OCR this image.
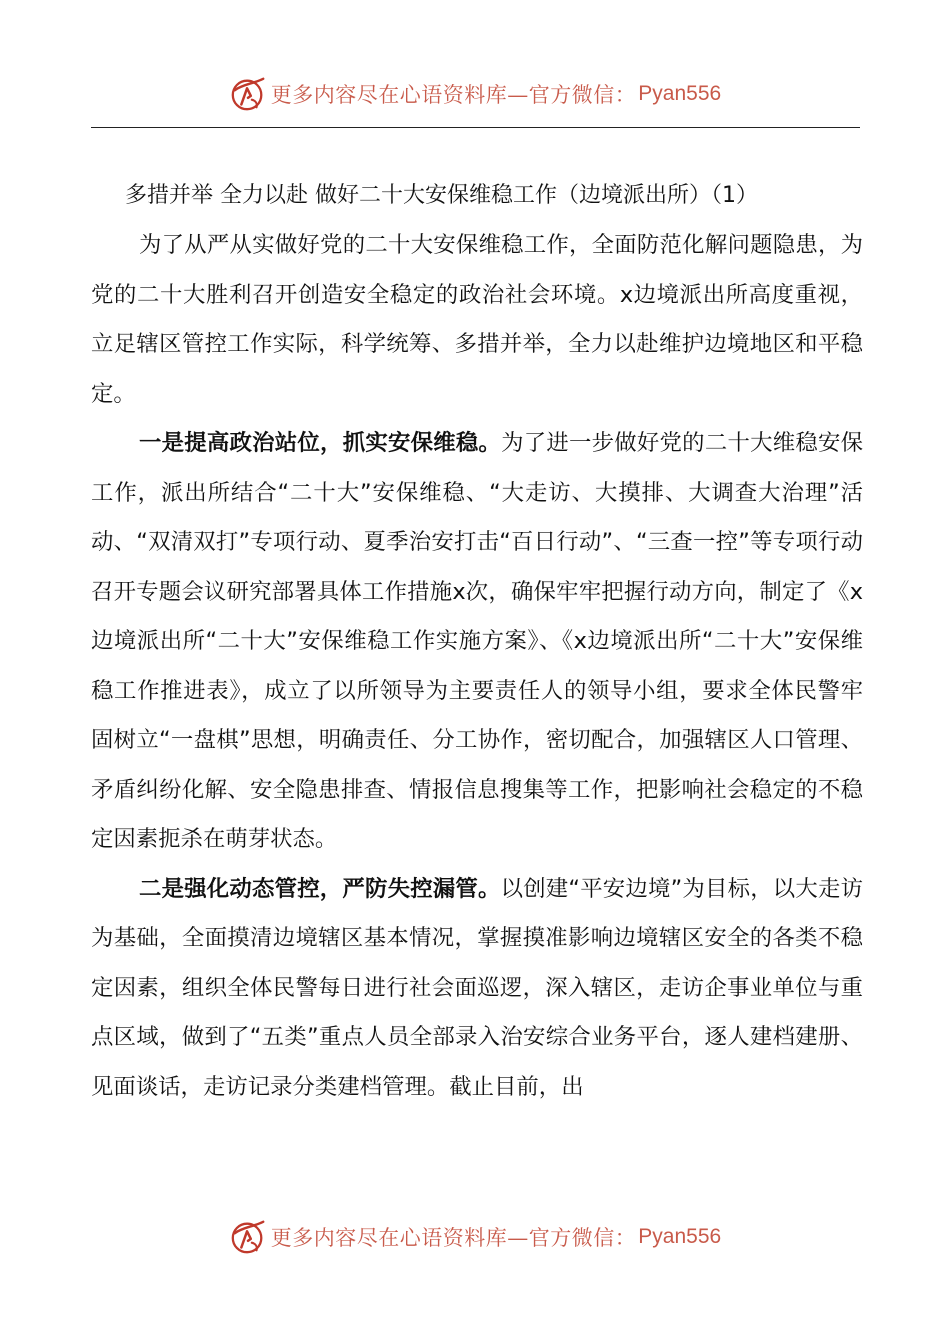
更多内容尽在心语资料库—官方微信： Pyan556
多措并举 全力以赴 做好二十大安保维稳工作（边境派出所）（1）

为了从严从实做好党的二十大安保维稳工作，全面防范化解问题隐患，为党的二十大胜利召开创造安全稳定的政治社会环境。x边境派出所高度重视，立足辖区管控工作实际，科学统筹、多措并举，全力以赴维护边境地区和平稳定。

一是提高政治站位，抓实安保维稳。为了进一步做好党的二十大维稳安保工作，派出所结合“二十大”安保维稳、“大走访、大摸排、大调查大治理”活动、“双清双打”专项行动、夏季治安打击“百日行动”、“三查一控”等专项行动召开专题会议研究部署具体工作措施x次，确保牢牢把握行动方向，制定了《x边境派出所“二十大”安保维稳工作实施方案》、《x边境派出所“二十大”安保维稳工作推进表》，成立了以所领导为主要责任人的领导小组，要求全体民警牢固树立“一盘棋”思想，明确责任、分工协作，密切配合，加强辖区人口管理、矛盾纠纷化解、安全隐患排查、情报信息搜集等工作，把影响社会稳定的不稳定因素扼杀在萌芽状态。

二是强化动态管控，严防失控漏管。以创建“平安边境”为目标，以大走访为基础，全面摸清边境辖区基本情况，掌握摸准影响边境辖区安全的各类不稳定因素，组织全体民警每日进行社会面巡逻，深入辖区，走访企事业单位与重点区域，做到了“五类”重点人员全部录入治安综合业务平台，逐人建档建册、见面谈话，走访记录分类建档管理。截止目前，出

更多内容尽在心语资料库—官方微信： Pyan556
